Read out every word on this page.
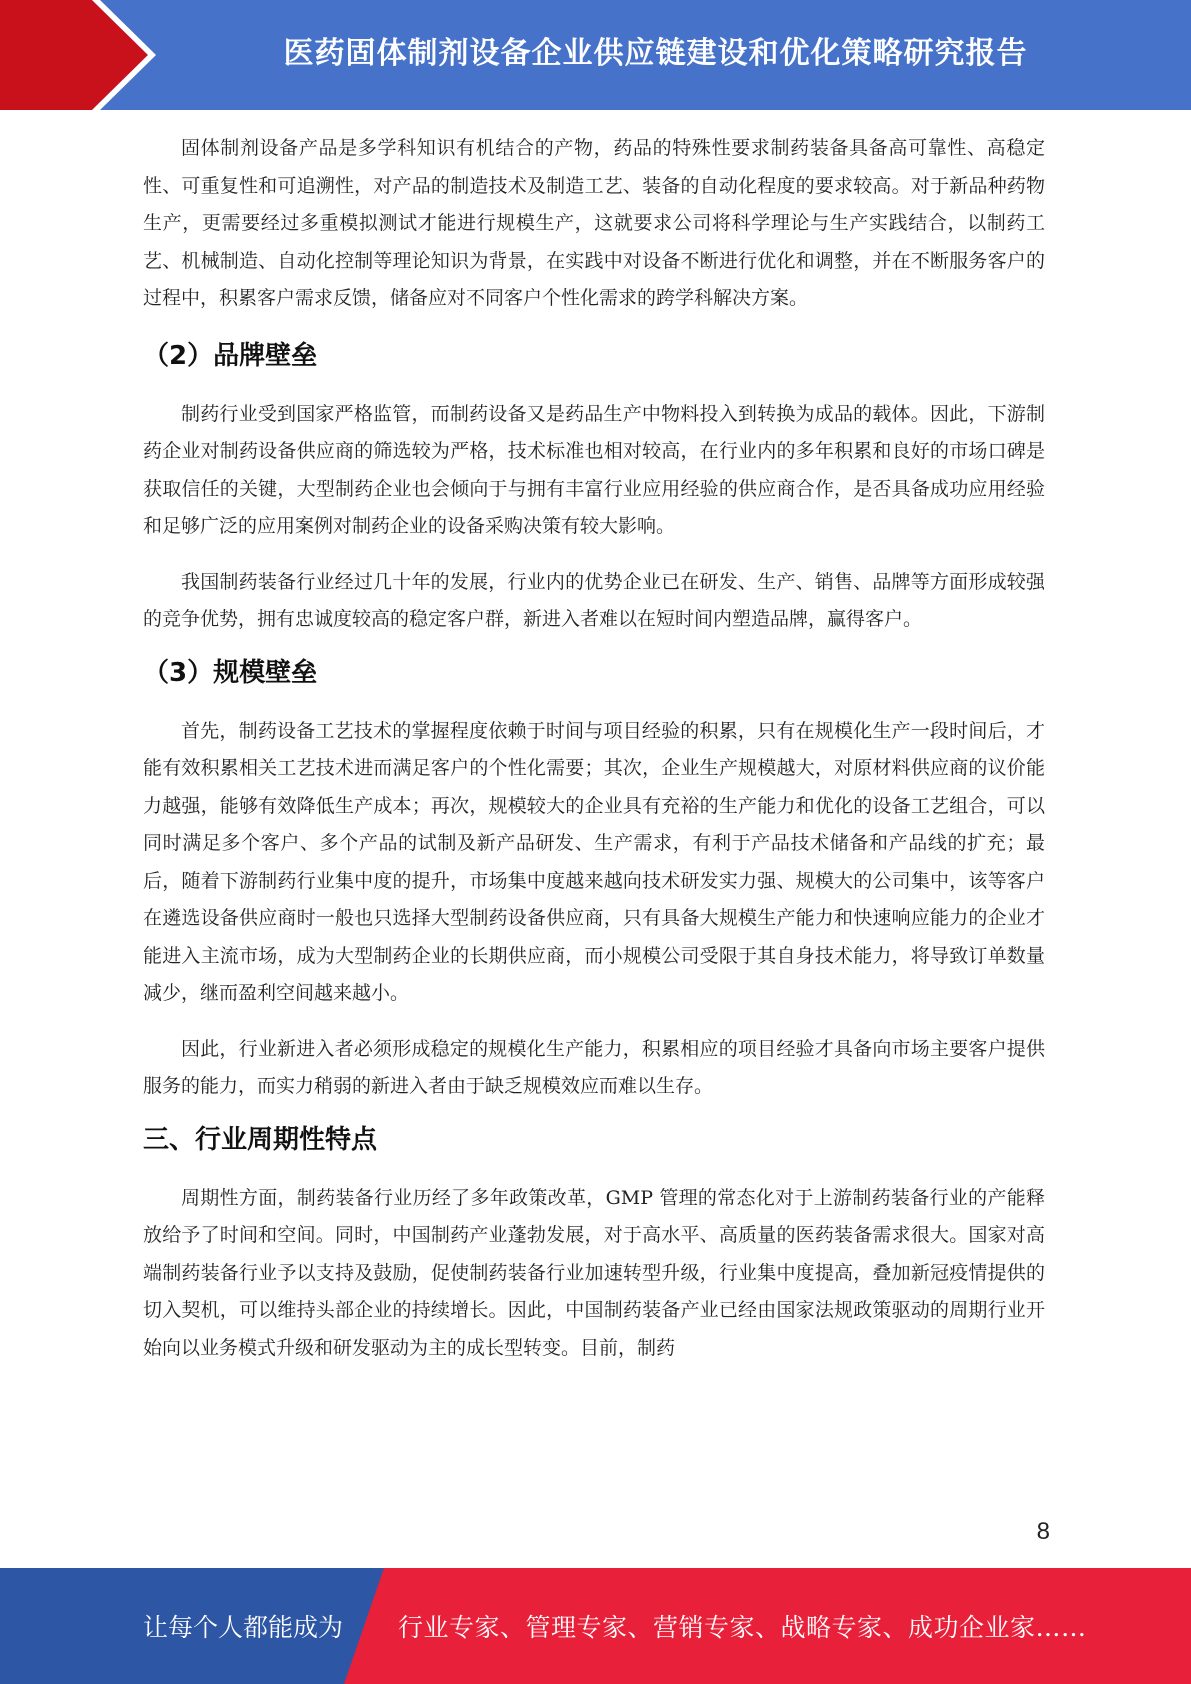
医药固体制剂设备企业供应链建设和优化策略研究报告

固体制剂设备产品是多学科知识有机结合的产物，药品的特殊性要求制药装备具备高可靠性、高稳定性、可重复性和可追溯性，对产品的制造技术及制造工艺、装备的自动化程度的要求较高。对于新品种药物生产，更需要经过多重模拟测试才能进行规模生产，这就要求公司将科学理论与生产实践结合，以制药工艺、机械制造、自动化控制等理论知识为背景，在实践中对设备不断进行优化和调整，并在不断服务客户的过程中，积累客户需求反馈，储备应对不同客户个性化需求的跨学科解决方案。

（2）品牌壁垒

制药行业受到国家严格监管，而制药设备又是药品生产中物料投入到转换为成品的载体。因此，下游制药企业对制药设备供应商的筛选较为严格，技术标准也相对较高，在行业内的多年积累和良好的市场口碑是获取信任的关键，大型制药企业也会倾向于与拥有丰富行业应用经验的供应商合作，是否具备成功应用经验和足够广泛的应用案例对制药企业的设备采购决策有较大影响。

我国制药装备行业经过几十年的发展，行业内的优势企业已在研发、生产、销售、品牌等方面形成较强的竞争优势，拥有忠诚度较高的稳定客户群，新进入者难以在短时间内塑造品牌，赢得客户。

（3）规模壁垒

首先，制药设备工艺技术的掌握程度依赖于时间与项目经验的积累，只有在规模化生产一段时间后，才能有效积累相关工艺技术进而满足客户的个性化需要；其次，企业生产规模越大，对原材料供应商的议价能力越强，能够有效降低生产成本；再次，规模较大的企业具有充裕的生产能力和优化的设备工艺组合，可以同时满足多个客户、多个产品的试制及新产品研发、生产需求，有利于产品技术储备和产品线的扩充；最后，随着下游制药行业集中度的提升，市场集中度越来越向技术研发实力强、规模大的公司集中，该等客户在遴选设备供应商时一般也只选择大型制药设备供应商，只有具备大规模生产能力和快速响应能力的企业才能进入主流市场，成为大型制药企业的长期供应商，而小规模公司受限于其自身技术能力，将导致订单数量减少，继而盈利空间越来越小。

因此，行业新进入者必须形成稳定的规模化生产能力，积累相应的项目经验才具备向市场主要客户提供服务的能力，而实力稍弱的新进入者由于缺乏规模效应而难以生存。

三、行业周期性特点

周期性方面，制药装备行业历经了多年政策改革，GMP 管理的常态化对于上游制药装备行业的产能释放给予了时间和空间。同时，中国制药产业蓬勃发展，对于高水平、高质量的医药装备需求很大。国家对高端制药装备行业予以支持及鼓励，促使制药装备行业加速转型升级，行业集中度提高，叠加新冠疫情提供的切入契机，可以维持头部企业的持续增长。因此，中国制药装备产业已经由国家法规政策驱动的周期行业开始向以业务模式升级和研发驱动为主的成长型转变。目前，制药

8
让每个人都能成为 行业专家、管理专家、营销专家、战略专家、成功企业家……
